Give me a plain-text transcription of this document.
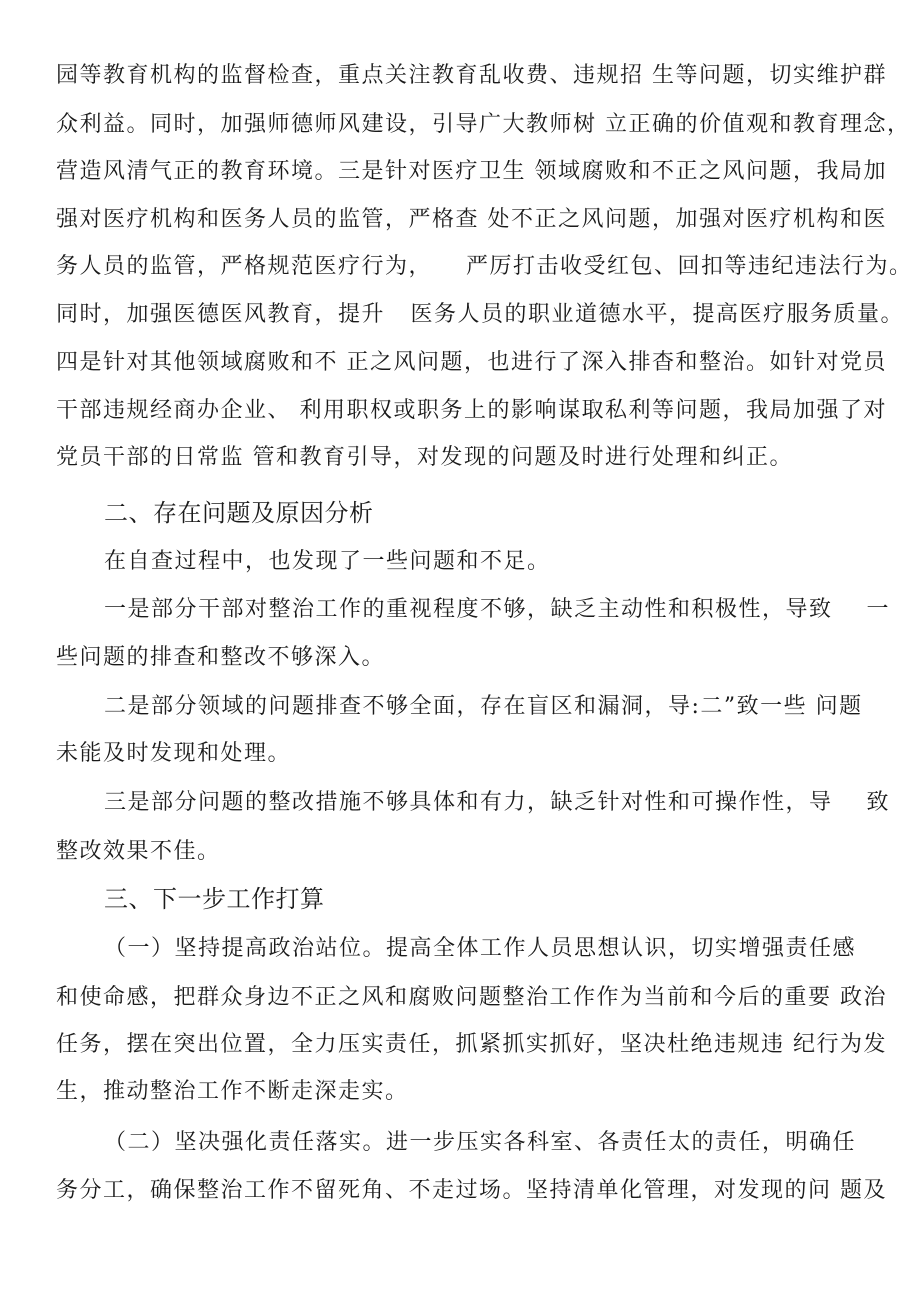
园等教育机构的监督检查，重点关注教育乱收费、违规招 生等问题，切实维护群
众利益。同时，加强师德师风建设，引导广大教师树 立正确的价值观和教育理念，
营造风清气正的教育环境。三是针对医疗卫生 领域腐败和不正之风问题，我局加
强对医疗机构和医务人员的监管，严格查 处不正之风问题，加强对医疗机构和医
务人员的监管，严格规范医疗行为，    严厉打击收受红包、回扣等违纪违法行为。
同时，加强医德医风教育，提升   医务人员的职业道德水平，提高医疗服务质量。
四是针对其他领域腐败和不 正之风问题，也进行了深入排杳和整治。如针对党员
干部违规经商办企业、 利用职权或职务上的影响谋取私利等问题，我局加强了对
党员干部的日常监 管和教育引导，对发现的问题及时进行处理和纠正。
二、存在问题及原因分析
在自查过程中，也发现了一些问题和不足。
一是部分干部对整治工作的重视程度不够，缺乏主动性和积极性，导致    一
些问题的排查和整改不够深入。
二是部分领域的问题排查不够全面，存在盲区和漏洞，导:二”致一些 问题
未能及时发现和处理。
三是部分问题的整改措施不够具体和有力，缺乏针对性和可操作性，导    致
整改效果不佳。
三、下一步工作打算
（一）坚持提高政治站位。提高全体工作人员思想认识，切实增强责任感
和使命感，把群众身边不正之风和腐败问题整治工作作为当前和今后的重要 政治
任务，摆在突出位置，全力压实责任，抓紧抓实抓好，坚决杜绝违规违 纪行为发
生，推动整治工作不断走深走实。
（二）坚决强化责任落实。进一步压实各科室、各责任太的责任，明确任
务分工，确保整治工作不留死角、不走过场。坚持清单化管理，对发现的问 题及
